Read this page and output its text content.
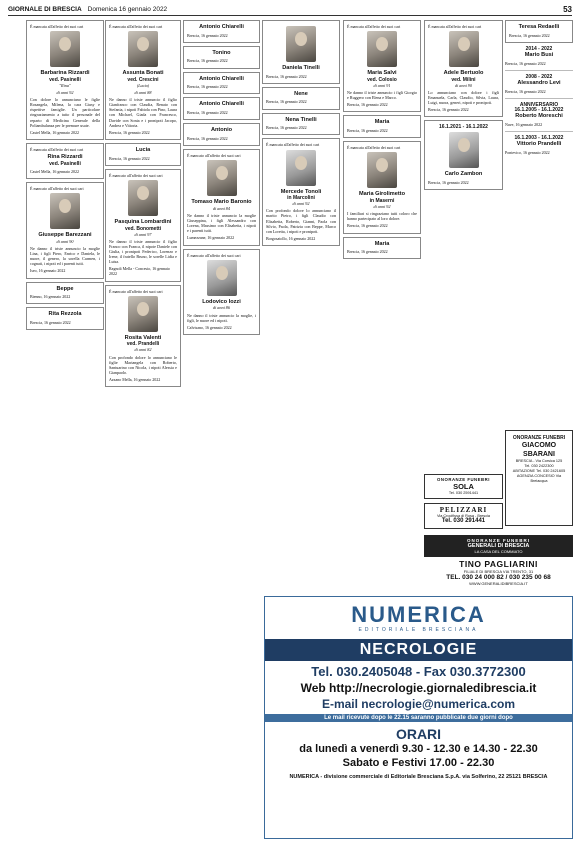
GIORNALE DI BRESCIA Domenica 16 gennaio 2022	53
È mancata all'affetto dei suoi cari
Barbarina Rizzardi
ved. Pasinelli
"Rina"
di anni 92
Con dolore lo annunciano le figlie Rosangela, Milena, la cara Giusy e rispettive famiglie. Un particolare ringraziamento a tutto il personale del reparto di Medicina Generale della Poliambulanza per le premure usate.
Castel Mella, 16 gennaio 2022
È mancata all'affetto dei suoi cari
Rina Rizzardi
ved. Pasinelli
Castel Mella, 16 gennaio 2022
È mancato all'affetto dei suoi cari
Giuseppe Barezzani
di anni 90
Ne danno il triste annuncio la moglie Lina, i figli Piero, Enrico e Daniela, le nuore, il genero, la sorella Carmen, i cognati, i nipoti ed i parenti tutti.
Iseo, 16 gennaio 2022
Beppe
Bienno, 16 gennaio 2022
Rita Rezzola
Brescia, 16 gennaio 2022
È mancata all'affetto dei suoi cari
Assunta Bonati
ved. Crescini
(Lucia)
di anni 88
Ne danno il triste annuncio il figlio Gianfranco con Claudia, Renato con Stefania, i nipoti Fabiola con Pino, Laura con Michael, Giada con Francesco, Davide con Sonia e i pronipoti Jacopo, Andrea e Vittoria.
Brescia, 16 gennaio 2022
Lucia
Brescia, 16 gennaio 2022
È mancato all'affetto dei suoi cari
Pasquina Lombardini
ved. Bonometti
di anni 97
Ne danno il triste annuncio il figlio Franco con Franca, il nipote Daniele con Giulia, i pronipoti Federico, Lorenzo e Irene, il fratello Bruno, le sorelle Lidia e Luisa.
Ragnoli Mella - Concesio, 16 gennaio 2022
È mancato all'affetto dei suoi cari
Rosita Valenti
ved. Prandelli
di anni 82
Con profondo dolore lo annunciano le figlie Mariangela con Roberto, Santuarino con Nicola, i nipoti Alessia e Gianpaolo.
Azzano Mella, 16 gennaio 2022
Antonio Chiarelli
Brescia, 16 gennaio 2022
Tonino
Brescia, 16 gennaio 2022
Antonio Chiarelli
Brescia, 16 gennaio 2022
Antonio Chiarelli
Brescia, 16 gennaio 2022
Antonio
Brescia, 16 gennaio 2022
È mancato all'affetto dei suoi cari
Tomaso Mario Baronio
di anni 84
Ne danno il triste annuncio la moglie Giuseppina, i figli Alessandro con Lorena, Massimo con Elisabetta, i nipoti e i parenti tutti.
Lumezzane, 16 gennaio 2022
È mancato all'affetto dei suoi cari
Lodovico Iozzi
di anni 86
Ne danno il triste annuncio la moglie, i figli, le nuore ed i nipoti.
Calvisano, 16 gennaio 2022
Daniela Tinelli
Brescia, 16 gennaio 2022
Nene
Brescia, 16 gennaio 2022
Nena Tinelli
Brescia, 16 gennaio 2022
È mancata all'affetto dei suoi cari
Mercede Tonoli
in Marcolini
di anni 92
Con profondo dolore lo annunciano il marito Pietro, i figli Claudio con Elisabetta, Roberto, Gianni, Paola con Silvio, Paola, Patrizia con Beppe, Marco con Loretta, i nipoti e pronipoti.
Borgosatollo, 16 gennaio 2022
È mancata all'affetto dei suoi cari
Maria Salvi
ved. Colosio
di anni 91
Ne danno il triste annuncio i figli Giorgio e Ruggero con Elena e Marco.
Brescia, 16 gennaio 2022
Maria
Brescia, 16 gennaio 2022
È mancata all'affetto dei suoi cari
Maria Girolimetto
in Maserni
di anni 92
I familiari si ringraziano tutti coloro che hanno partecipato al loro dolore.
Brescia, 16 gennaio 2022
Maria
Brescia, 16 gennaio 2022
È mancata all'affetto dei suoi cari
Adele Bertuolo
ved. Milini
di anni 90
Lo annunciano con dolore i figli Emanuela, Carla, Claudio, Silvia, Laura, Luigi, nuora, generi, nipoti e pronipoti.
Brescia, 16 gennaio 2022
16.1.2021 - 16.1.2022
Carlo Zambon
Brescia, 16 gennaio 2022
Teresa Redaelli
Brescia, 16 gennaio 2022
2014 - 2022
Mario Busi
Brescia, 16 gennaio 2022
2008 - 2022
Alessandro Levi
Brescia, 16 gennaio 2022
ANNIVERSARIO
16.1.2005 - 16.1.2022
Roberto Moreschi
Nave, 16 gennaio 2022
16.1.2003 - 16.1.2022
Vittorio Prandelli
Pontevico, 16 gennaio 2022
ONORANZE FUNEBRI
SOLA
Tel. 030 2591441
PELIZZARI
Via Crocifissa di Rosa - Brescia
Tel. 030 291441
ONORANZE FUNEBRI
GIACOMO SBARANI
BRESCIA - Via Corsica 125
Tel. 030 2422300
ABITAZIONE Tel. 030 2421605
AGENZIA CONCESIO Via Breiacqua
ONORANZE FUNEBRI
GENERALI DI BRESCIA
LA CASA DEL COMMIATO
TINO PAGLIARINI
FILIALE DI BRESCIA VIA TRENTO, 31
TEL. 030 24 000 82 / 030 235 00 68
WWW.GENERALIDIBRESCIA.IT
NUMERICA
EDITORIALE BRESCIANA
NECROLOGIE
Tel. 030.2405048 - Fax 030.3772300
Web http://necrologie.giornaledibrescia.it
E-mail necrologie@numerica.com
Le mail ricevute dopo le 22.15 saranno pubblicate due giorni dopo
ORARI
da lunedì a venerdì 9.30 - 12.30 e 14.30 - 22.30
Sabato e Festivi 17.00 - 22.30
NUMERICA - divisione commerciale di Editoriale Bresciana S.p.A. via Solferino, 22 25121 BRESCIA
